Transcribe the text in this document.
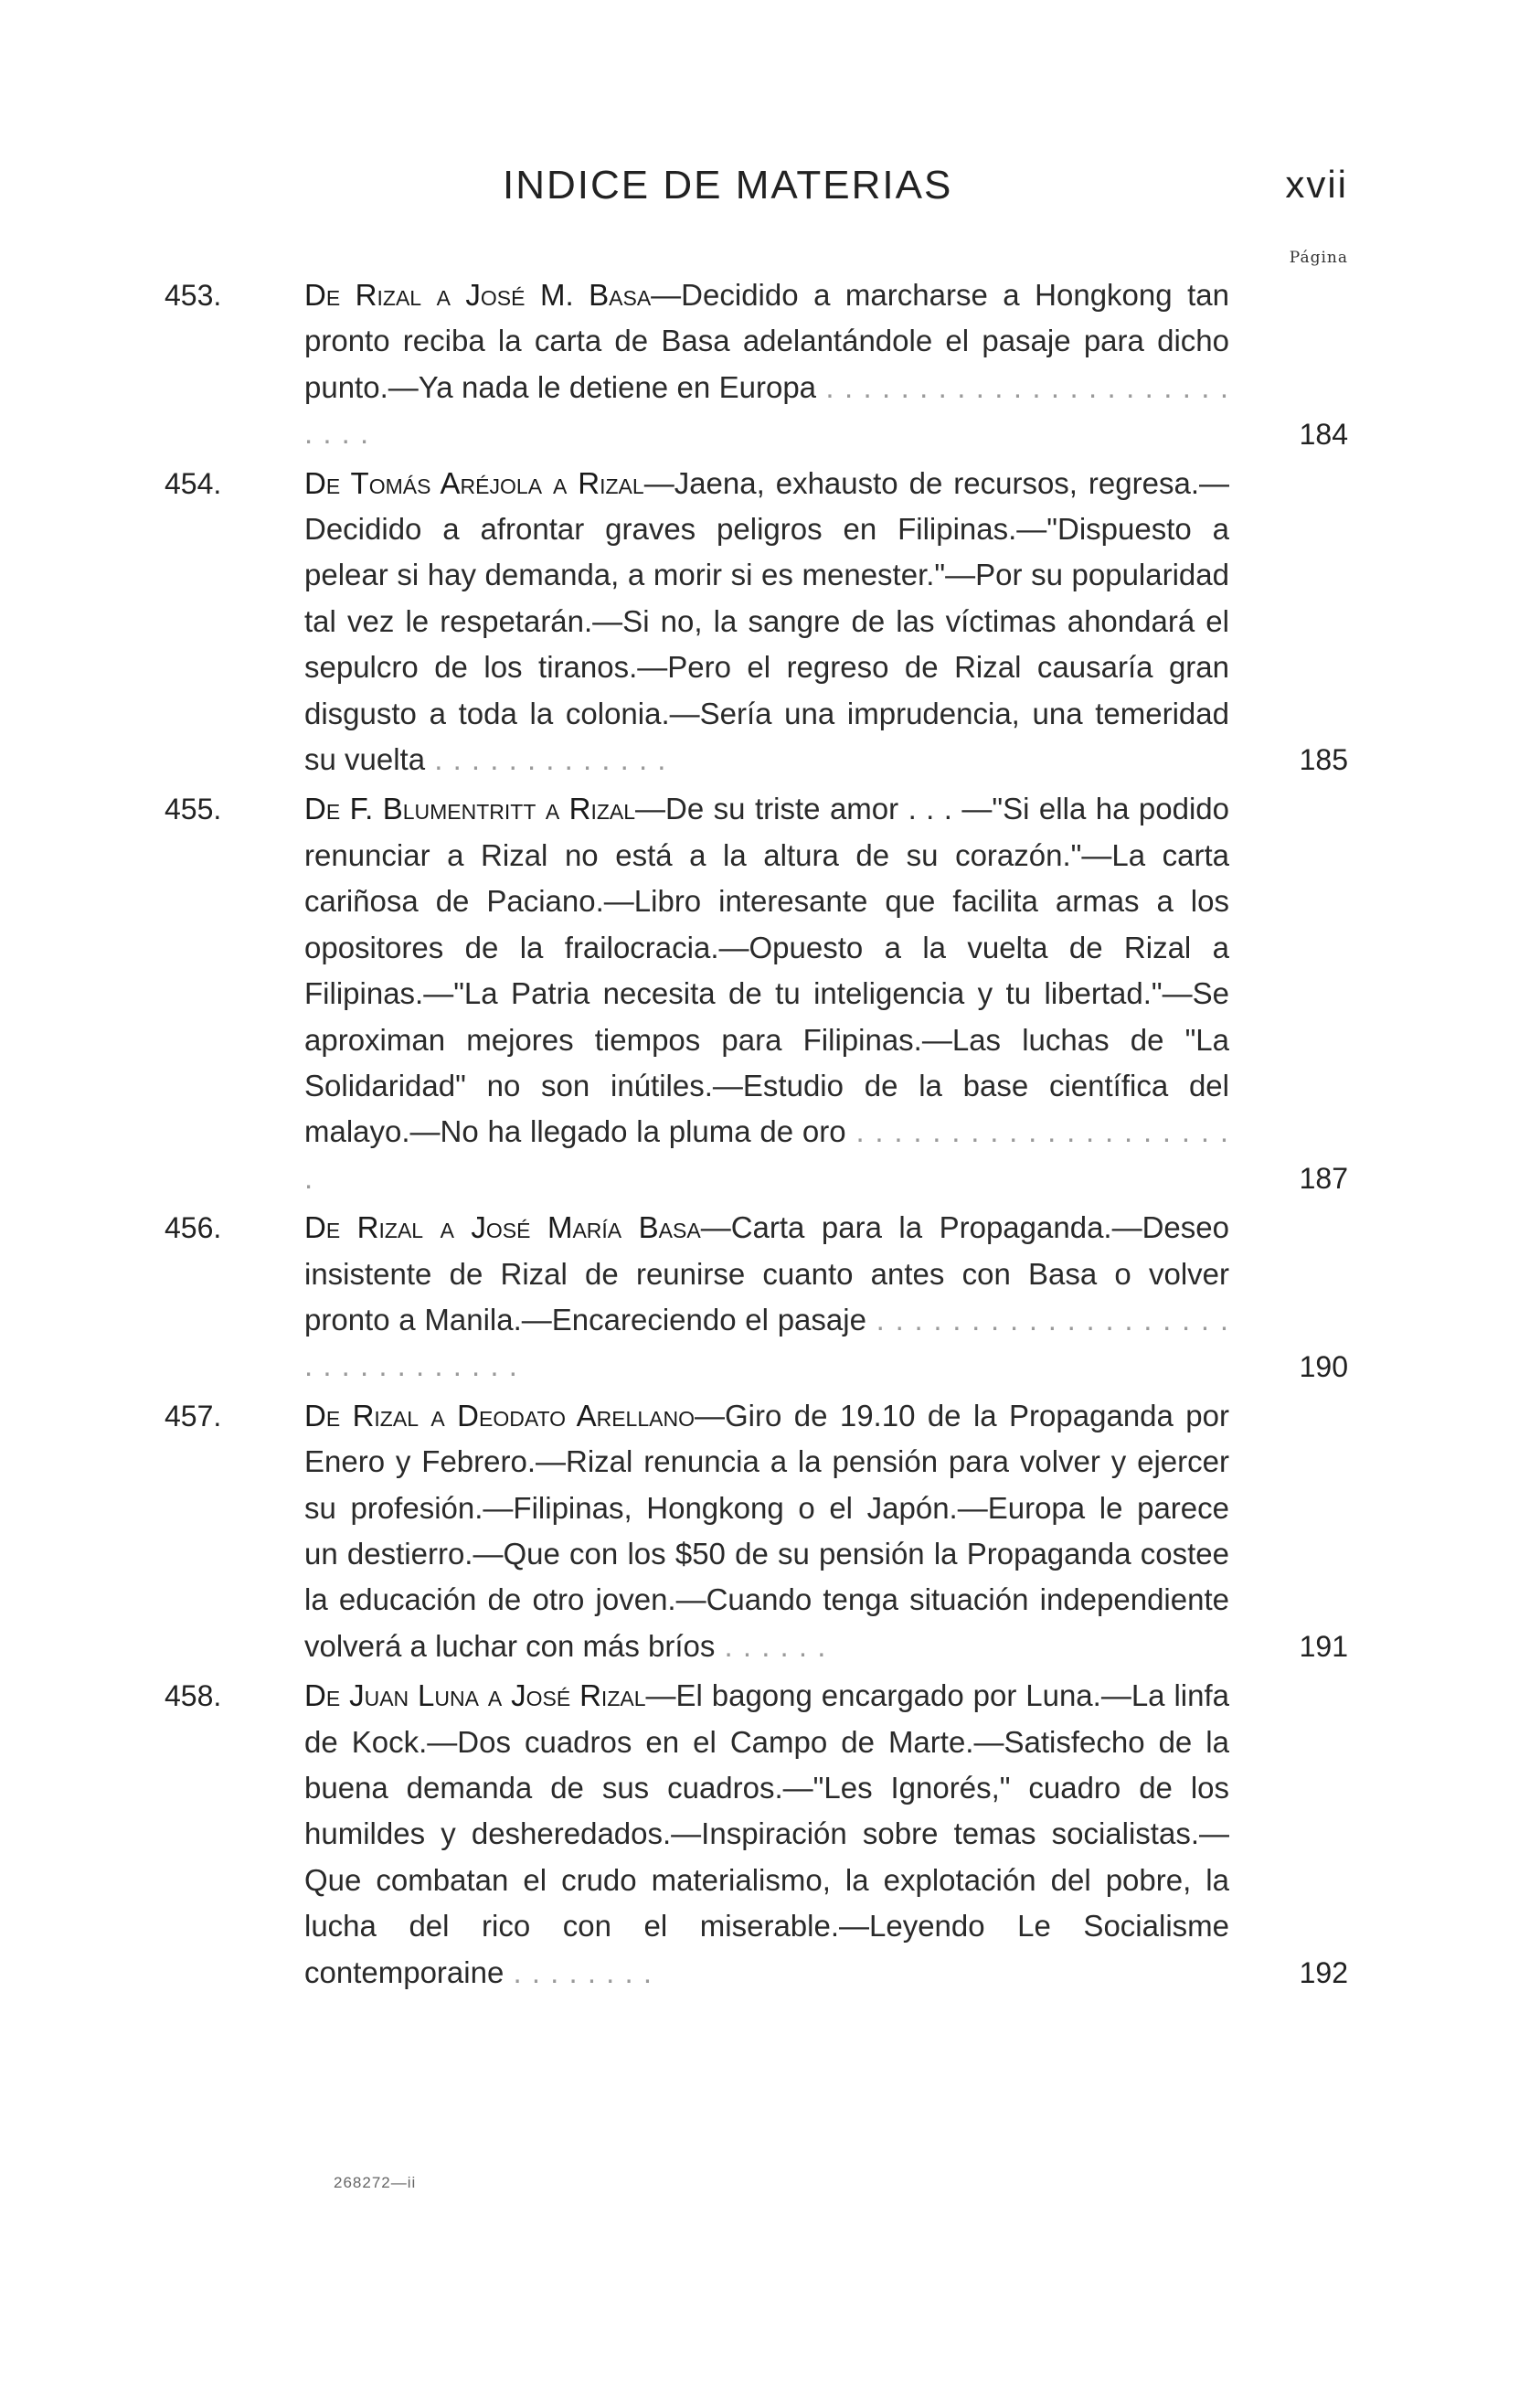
INDICE DE MATERIAS	xvii
Página
453.	De Rizal a José M. Basa—Decidido a marcharse a Hongkong tan pronto reciba la carta de Basa adelantándole el pasaje para dicho punto.—Ya nada le detiene en Europa . . . . . . . . . . . . . . . . . . . . . . . . . .	184
454.	De Tomás Aréjola a Rizal—Jaena, exhausto de recursos, regresa.—Decidido a afrontar graves peligros en Filipinas.—"Dispuesto a pelear si hay demanda, a morir si es menester."—Por su popularidad tal vez le respetarán.—Si no, la sangre de las víctimas ahondará el sepulcro de los tiranos.—Pero el regreso de Rizal causaría gran disgusto a toda la colonia.—Sería una imprudencia, una temeridad su vuelta . . . . . . . . . . . . .	185
455.	De F. Blumentritt a Rizal—De su triste amor . . . —"Si ella ha podido renunciar a Rizal no está a la altura de su corazón."—La carta cariñosa de Paciano.—Libro interesante que facilita armas a los opositores de la frailocracia.—Opuesto a la vuelta de Rizal a Filipinas.—"La Patria necesita de tu inteligencia y tu libertad."—Se aproximan mejores tiempos para Filipinas.—Las luchas de "La Solidaridad" no son inútiles.—Estudio de la base científica del malayo.—No ha llegado la pluma de oro . . . . . . . . . . . . . . . . . . . . .	187
456.	De Rizal a José María Basa—Carta para la Propaganda.—Deseo insistente de Rizal de reunirse cuanto antes con Basa o volver pronto a Manila.—Encareciendo el pasaje . . . . . . . . . . . . . . . . . . . . . . . . . . . . . . .	190
457.	De Rizal a Deodato Arellano—Giro de 19.10 de la Propaganda por Enero y Febrero.—Rizal renuncia a la pensión para volver y ejercer su profesión.—Filipinas, Hongkong o el Japón.—Europa le parece un destierro.—Que con los $50 de su pensión la Propaganda costee la educación de otro joven.—Cuando tenga situación independiente volverá a luchar con más bríos . . . . . .	191
458.	De Juan Luna a José Rizal—El bagong encargado por Luna.—La linfa de Kock.—Dos cuadros en el Campo de Marte.—Satisfecho de la buena demanda de sus cuadros.—"Les Ignorés," cuadro de los humildes y desheredados.—Inspiración sobre temas socialistas.—Que combatan el crudo materialismo, la explotación del pobre, la lucha del rico con el miserable.—Leyendo Le Socialisme contemporaine . . . . . . . .	192
268272—ii
